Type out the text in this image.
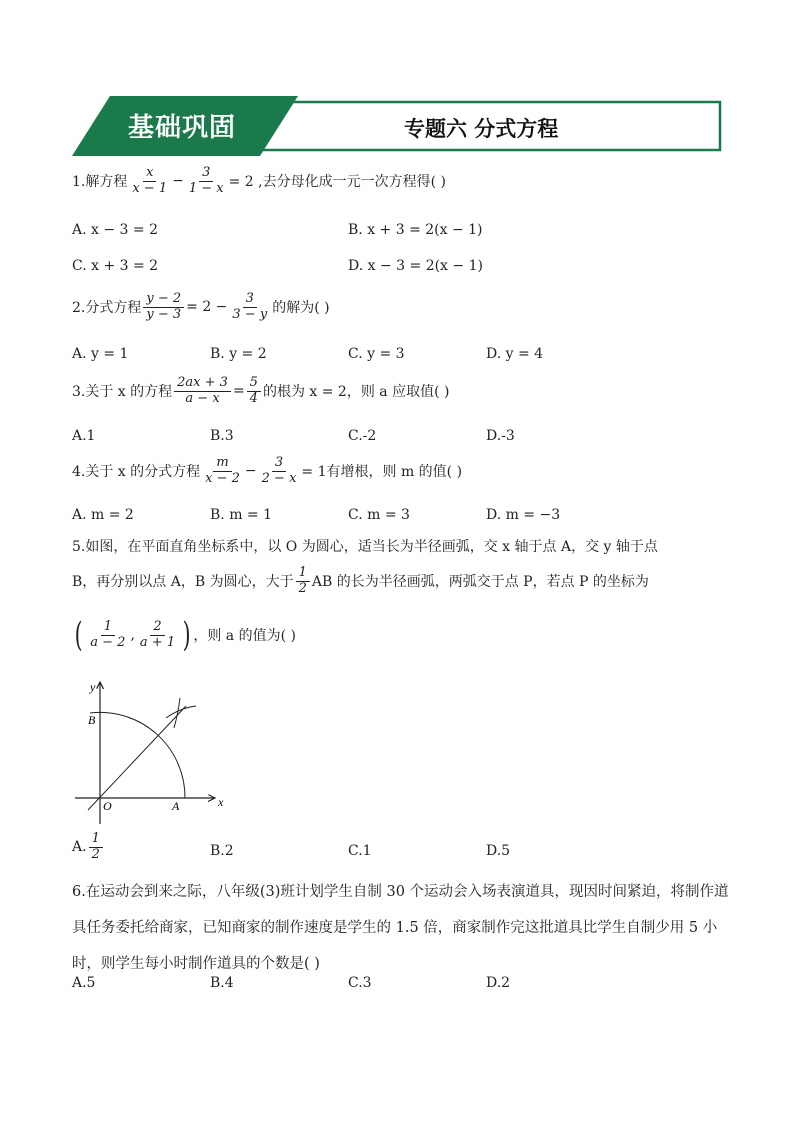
基础巩固	专题六 分式方程
1.解方程 $\frac{x}{x - 1} - \frac{3}{1 - x} = 2$ ,去分母化成一元一次方程得( )
A. x − 3 = 2	B. x + 3 = 2(x − 1)
C. x + 3 = 2	D. x − 3 = 2(x − 1)
2.分式方程 $\frac{y - 2}{y - 3} = 2 - \frac{3}{3 - y}$ 的解为( )
A. y = 1	B. y = 2	C. y = 3	D. y = 4
3.关于 x 的方程 $\frac{2ax + 3}{a - x} = \frac{5}{4}$ 的根为 x = 2，则 a 应取值( )
A.1	B.3	C.-2	D.-3
4.关于 x 的分式方程 $\frac{m}{x - 2} - \frac{3}{2 - x} = 1$有增根，则 m 的值( )
A. m = 2	B. m = 1	C. m = 3	D. m = −3
5.如图，在平面直角坐标系中，以 O 为圆心，适当长为半径画弧，交 x 轴于点 A，交 y 轴于点
B，再分别以点 A，B 为圆心，大于 $\frac{1}{2}$ AB 的长为半径画弧，两弧交于点 P，若点 P 的坐标为
( $\frac{1}{a - 2}$ , $\frac{2}{a + 1}$ ) ，则 a 的值为( )
y
x
O	A
B
A. $\frac{1}{2}$	B.2	C.1	D.5
6.在运动会到来之际，八年级(3)班计划学生自制 30 个运动会入场表演道具，现因时间紧迫，将制作道具任务委托给商家，已知商家的制作速度是学生的 1.5 倍，商家制作完这批道具比学生自制少用 5 小时，则学生每小时制作道具的个数是( )
A.5	B.4	C.3	D.2
